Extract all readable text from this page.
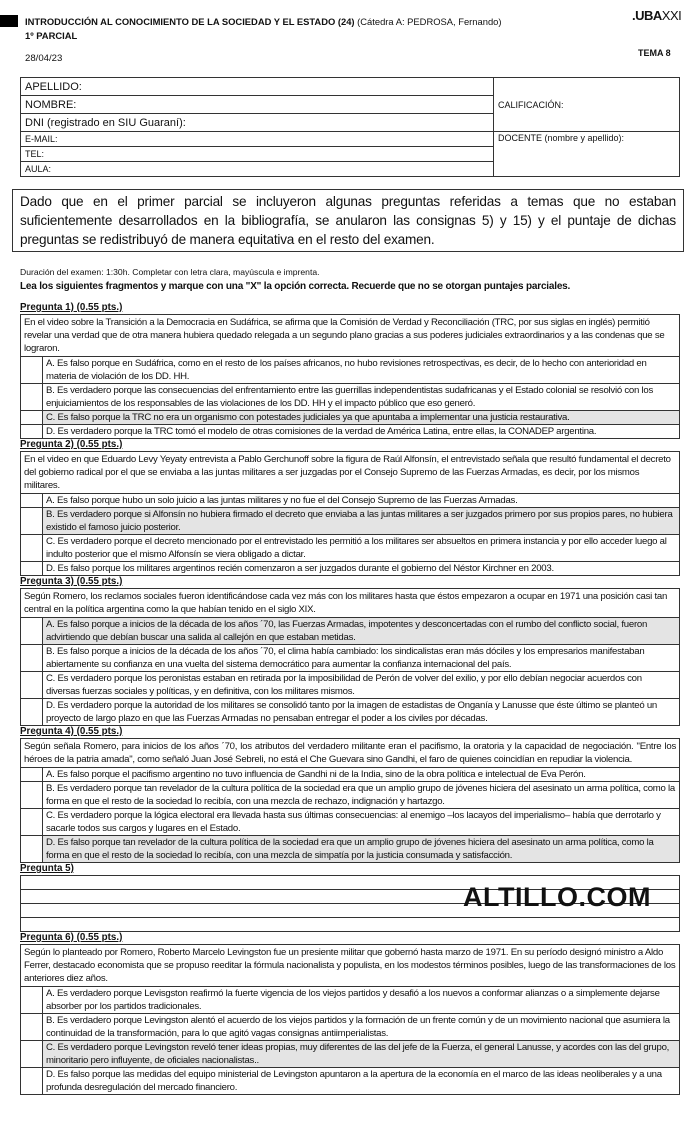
INTRODUCCIÓN AL CONOCIMIENTO DE LA SOCIEDAD Y EL ESTADO (24) (Cátedra A: PEDROSA, Fernando)
1º PARCIAL
28/04/23
.UBAXXI
TEMA 8
APELLIDO:	CALIFICACIÓN:
NOMBRE:	
DNI (registrado en SIU Guaraní):	
E-MAIL:	DOCENTE (nombre y apellido):
TEL:	
AULA:	
Dado que en el primer parcial se incluyeron algunas preguntas referidas a temas que no estaban suficientemente desarrollados en la bibliografía, se anularon las consignas 5) y 15) y el puntaje de dichas preguntas se redistribuyó de manera equitativa en el resto del examen.
Duración del examen: 1:30h. Completar con letra clara, mayúscula e imprenta.
Lea los siguientes fragmentos y marque con una "X" la opción correcta. Recuerde que no se otorgan puntajes parciales.
Pregunta 1) (0.55 pts.)
En el video sobre la Transición a la Democracia en Sudáfrica, se afirma que la Comisión de Verdad y Reconciliación (TRC, por sus siglas en inglés) permitió revelar una verdad que de otra manera hubiera quedado relegada a un segundo plano gracias a sus poderes judiciales extraordinarios y a las condenas que se lograron.
A. Es falso porque en Sudáfrica, como en el resto de los países africanos, no hubo revisiones retrospectivas, es decir, de lo hecho con anterioridad en materia de violación de los DD. HH.
B. Es verdadero porque las consecuencias del enfrentamiento entre las guerrillas independentistas sudafricanas y el Estado colonial se resolvió con los enjuiciamientos de los responsables de las violaciones de los DD. HH y el impacto público que eso generó.
C. Es falso porque la TRC no era un organismo con potestades judiciales ya que apuntaba a implementar una justicia restaurativa.
D. Es verdadero porque la TRC tomó el modelo de otras comisiones de la verdad de América Latina, entre ellas, la CONADEP argentina.
Pregunta 2) (0.55 pts.)
En el video en que Eduardo Levy Yeyaty entrevista a Pablo Gerchunoff sobre la figura de Raúl Alfonsín, el entrevistado señala que resultó fundamental el decreto del gobierno radical por el que se enviaba a las juntas militares a ser juzgadas por el Consejo Supremo de las Fuerzas Armadas, es decir, por los mismos militares.
A. Es falso porque hubo un solo juicio a las juntas militares y no fue el del Consejo Supremo de las Fuerzas Armadas.
B. Es verdadero porque si Alfonsín no hubiera firmado el decreto que enviaba a las juntas militares a ser juzgados primero por sus propios pares, no hubiera existido el famoso juicio posterior.
C. Es verdadero porque el decreto mencionado por el entrevistado les permitió a los militares ser absueltos en primera instancia y por ello acceder luego al indulto posterior que el mismo Alfonsín se viera obligado a dictar.
D. Es falso porque los militares argentinos recién comenzaron a ser juzgados durante el gobierno del Néstor Kirchner en 2003.
Pregunta 3) (0.55 pts.)
Según Romero, los reclamos sociales fueron identificándose cada vez más con los militares hasta que éstos empezaron a ocupar en 1971 una posición casi tan central en la política argentina como la que habían tenido en el siglo XIX.
A. Es falso porque a inicios de la década de los años ´70, las Fuerzas Armadas, impotentes y desconcertadas con el rumbo del conflicto social, fueron advirtiendo que debían buscar una salida al callejón en que estaban metidas.
B. Es falso porque a inicios de la década de los años ´70, el clima había cambiado: los sindicalistas eran más dóciles y los empresarios manifestaban abiertamente su confianza en una vuelta del sistema democrático para aumentar la confianza internacional del país.
C. Es verdadero porque los peronistas estaban en retirada por la imposibilidad de Perón de volver del exilio, y por ello debían negociar acuerdos con diversas fuerzas sociales y políticas, y en definitiva, con los militares mismos.
D. Es verdadero porque la autoridad de los militares se consolidó tanto por la imagen de estadistas de Onganía y Lanusse que éste último se planteó un proyecto de largo plazo en que las Fuerzas Armadas no pensaban entregar el poder a los civiles por décadas.
Pregunta 4) (0.55 pts.)
Según señala Romero, para inicios de los años ´70, los atributos del verdadero militante eran el pacifismo, la oratoria y la capacidad de negociación. "Entre los héroes de la patria amada", como señaló Juan José Sebreli, no está el Che Guevara sino Gandhi, el faro de quienes coincidían en repudiar la violencia.
A. Es falso porque el pacifismo argentino no tuvo influencia de Gandhi ni de la India, sino de la obra política e intelectual de Eva Perón.
B. Es verdadero porque tan revelador de la cultura política de la sociedad era que un amplio grupo de jóvenes hiciera del asesinato un arma política, como la forma en que el resto de la sociedad lo recibía, con una mezcla de rechazo, indignación y hartazgo.
C. Es verdadero porque la lógica electoral era llevada hasta sus últimas consecuencias: al enemigo –los lacayos del imperialismo– había que derrotarlo y sacarle todos sus cargos y lugares en el Estado.
D. Es falso porque tan revelador de la cultura política de la sociedad era que un amplio grupo de jóvenes hiciera del asesinato un arma política, como la forma en que el resto de la sociedad lo recibía, con una mezcla de simpatía por la justicia consumada y satisfacción.
Pregunta 5)
ALTILLO.COM
Pregunta 6) (0.55 pts.)
Según lo planteado por Romero, Roberto Marcelo Levingston fue un presiente militar que gobernó hasta marzo de 1971. En su período designó ministro a Aldo Ferrer, destacado economista que se propuso reeditar la fórmula nacionalista y populista, en los modestos términos posibles, luego de las transformaciones de los anteriores diez años.
A. Es verdadero porque Levisgston reafirmó la fuerte vigencia de los viejos partidos y desafió a los nuevos a conformar alianzas o a simplemente dejarse absorber por los partidos tradicionales.
B. Es verdadero porque Levingston alentó el acuerdo de los viejos partidos y la formación de un frente común y de un movimiento nacional que asumiera la continuidad de la transformación, para lo que agitó vagas consignas antiimperialistas.
C. Es verdadero porque Levingston reveló tener ideas propias, muy diferentes de las del jefe de la Fuerza, el general Lanusse, y acordes con las del grupo, minoritario pero influyente, de oficiales nacionalistas..
D. Es falso porque las medidas del equipo ministerial de Levingston apuntaron a la apertura de la economía en el marco de las ideas neoliberales y a una profunda desregulación del mercado financiero.
